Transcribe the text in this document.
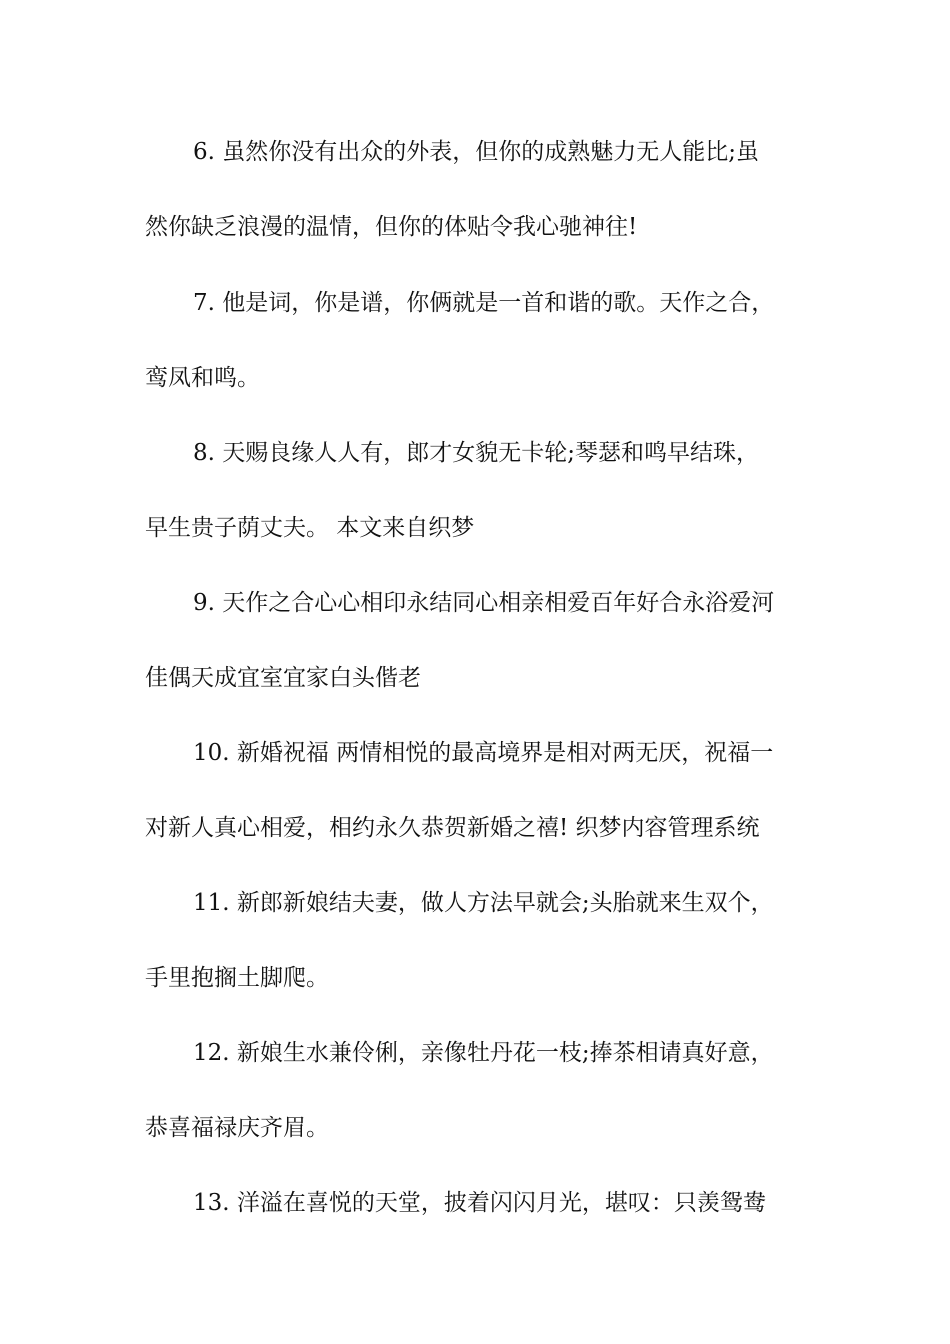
6. 虽然你没有出众的外表，但你的成熟魅力无人能比;虽
然你缺乏浪漫的温情，但你的体贴令我心驰神往!
7. 他是词，你是谱，你俩就是一首和谐的歌。天作之合，
鸾凤和鸣。
8. 天赐良缘人人有，郎才女貌无卡轮;琴瑟和鸣早结珠，
早生贵子荫丈夫。 本文来自织梦
9. 天作之合心心相印永结同心相亲相爱百年好合永浴爱河
佳偶天成宜室宜家白头偕老
10. 新婚祝福 两情相悦的最高境界是相对两无厌，祝福一
对新人真心相爱，相约永久恭贺新婚之禧! 织梦内容管理系统
11. 新郎新娘结夫妻，做人方法早就会;头胎就来生双个，
手里抱搁土脚爬。
12. 新娘生水兼伶俐，亲像牡丹花一枝;捧茶相请真好意，
恭喜福禄庆齐眉。
13. 洋溢在喜悦的天堂，披着闪闪月光，堪叹：只羡鸳鸯
